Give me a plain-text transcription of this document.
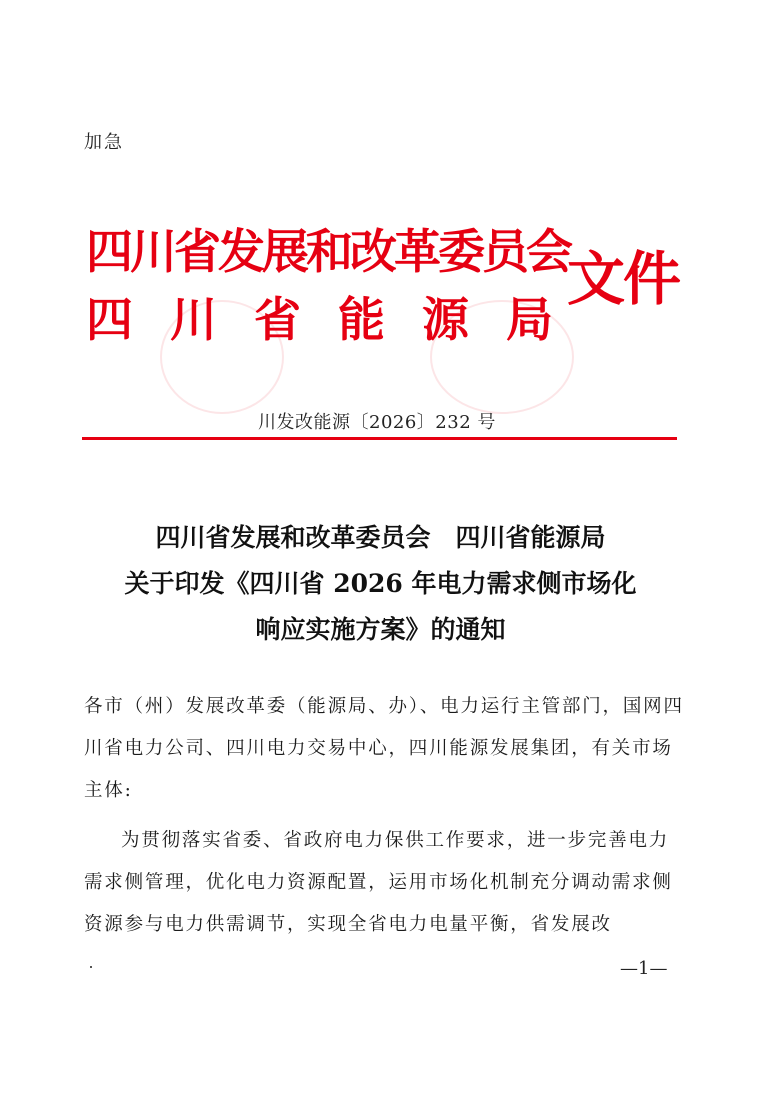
加急
四川省发展和改革委员会
四川省能源局
文件
川发改能源〔2026〕232 号
四川省发展和改革委员会　四川省能源局
关于印发《四川省 2026 年电力需求侧市场化
响应实施方案》的通知
各市（州）发展改革委（能源局、办）、电力运行主管部门，国网四川省电力公司、四川电力交易中心，四川能源发展集团，有关市场主体:
为贯彻落实省委、省政府电力保供工作要求，进一步完善电力需求侧管理，优化电力资源配置，运用市场化机制充分调动需求侧资源参与电力供需调节，实现全省电力电量平衡，省发展改
—1—
